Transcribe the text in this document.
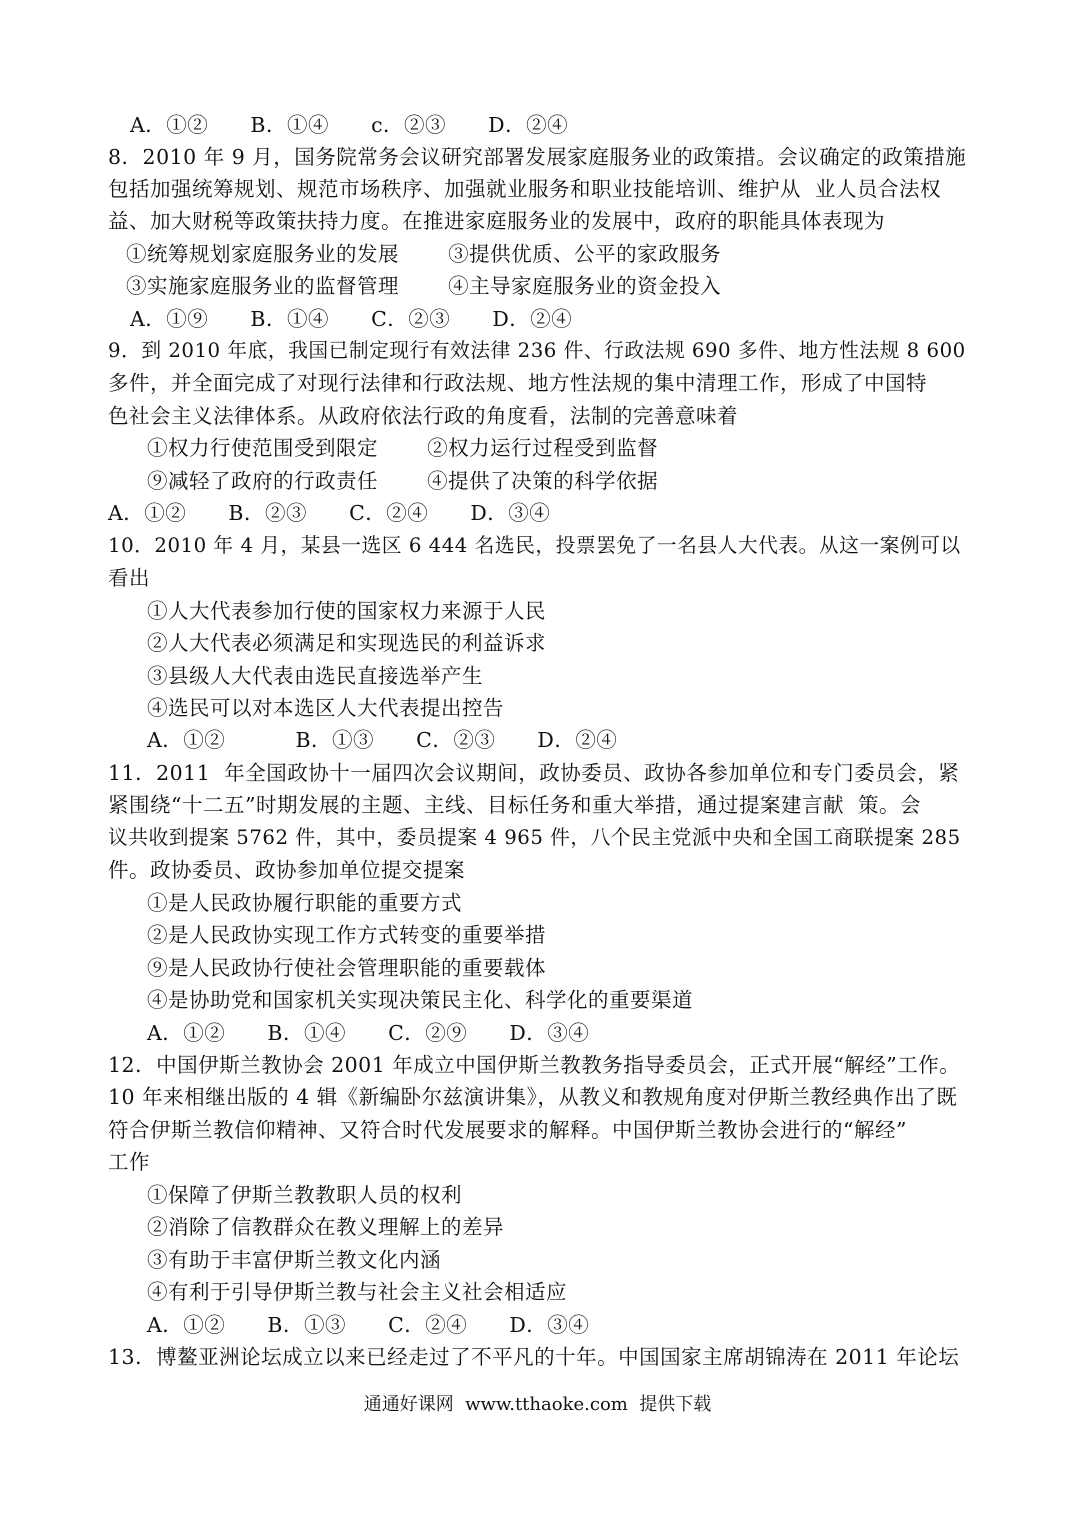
A．①②      B．①④      c．②③      D．②④
8．2010 年 9 月，国务院常务会议研究部署发展家庭服务业的政策措。会议确定的政策措施
包括加强统筹规划、规范市场秩序、加强就业服务和职业技能培训、维护从  业人员合法权
益、加大财税等政策扶持力度。在推进家庭服务业的发展中，政府的职能具体表现为
①统筹规划家庭服务业的发展       ③提供优质、公平的家政服务
③实施家庭服务业的监督管理       ④主导家庭服务业的资金投入
A．①⑨      B．①④      C．②③      D．②④
9．到 2010 年底，我国已制定现行有效法律 236 件、行政法规 690 多件、地方性法规 8 600
多件，并全面完成了对现行法律和行政法规、地方性法规的集中清理工作，形成了中国特
色社会主义法律体系。从政府依法行政的角度看，法制的完善意味着
①权力行使范围受到限定       ②权力运行过程受到监督
⑨减轻了政府的行政责任       ④提供了决策的科学依据
A．①②      B．②③      C．②④      D．③④
10．2010 年 4 月，某县一选区 6 444 名选民，投票罢免了一名县人大代表。从这一案例可以
看出
①人大代表参加行使的国家权力来源于人民
②人大代表必须满足和实现选民的利益诉求
③县级人大代表由选民直接选举产生
④选民可以对本选区人大代表提出控告
A．①②          B．①③      C．②③      D．②④
11．2011  年全国政协十一届四次会议期间，政协委员、政协各参加单位和专门委员会，紧
紧围绕“十二五”时期发展的主题、主线、目标任务和重大举措，通过提案建言献  策。会
议共收到提案 5762 件，其中，委员提案 4 965 件，八个民主党派中央和全国工商联提案 285
件。政协委员、政协参加单位提交提案
①是人民政协履行职能的重要方式
②是人民政协实现工作方式转变的重要举措
⑨是人民政协行使社会管理职能的重要载体
④是协助党和国家机关实现决策民主化、科学化的重要渠道
A．①②      B．①④      C．②⑨      D．③④
12．中国伊斯兰教协会 2001 年成立中国伊斯兰教教务指导委员会，正式开展“解经”工作。
10 年来相继出版的 4 辑《新编卧尔兹演讲集》，从教义和教规角度对伊斯兰教经典作出了既
符合伊斯兰教信仰精神、又符合时代发展要求的解释。中国伊斯兰教协会进行的“解经”
工作
①保障了伊斯兰教教职人员的权利
②消除了信教群众在教义理解上的差异
③有助于丰富伊斯兰教文化内涵
④有利于引导伊斯兰教与社会主义社会相适应
A．①②      B．①③      C．②④      D．③④
13．博鳌亚洲论坛成立以来已经走过了不平凡的十年。中国国家主席胡锦涛在 2011 年论坛
通通好课网  www.tthaoke.com  提供下载
